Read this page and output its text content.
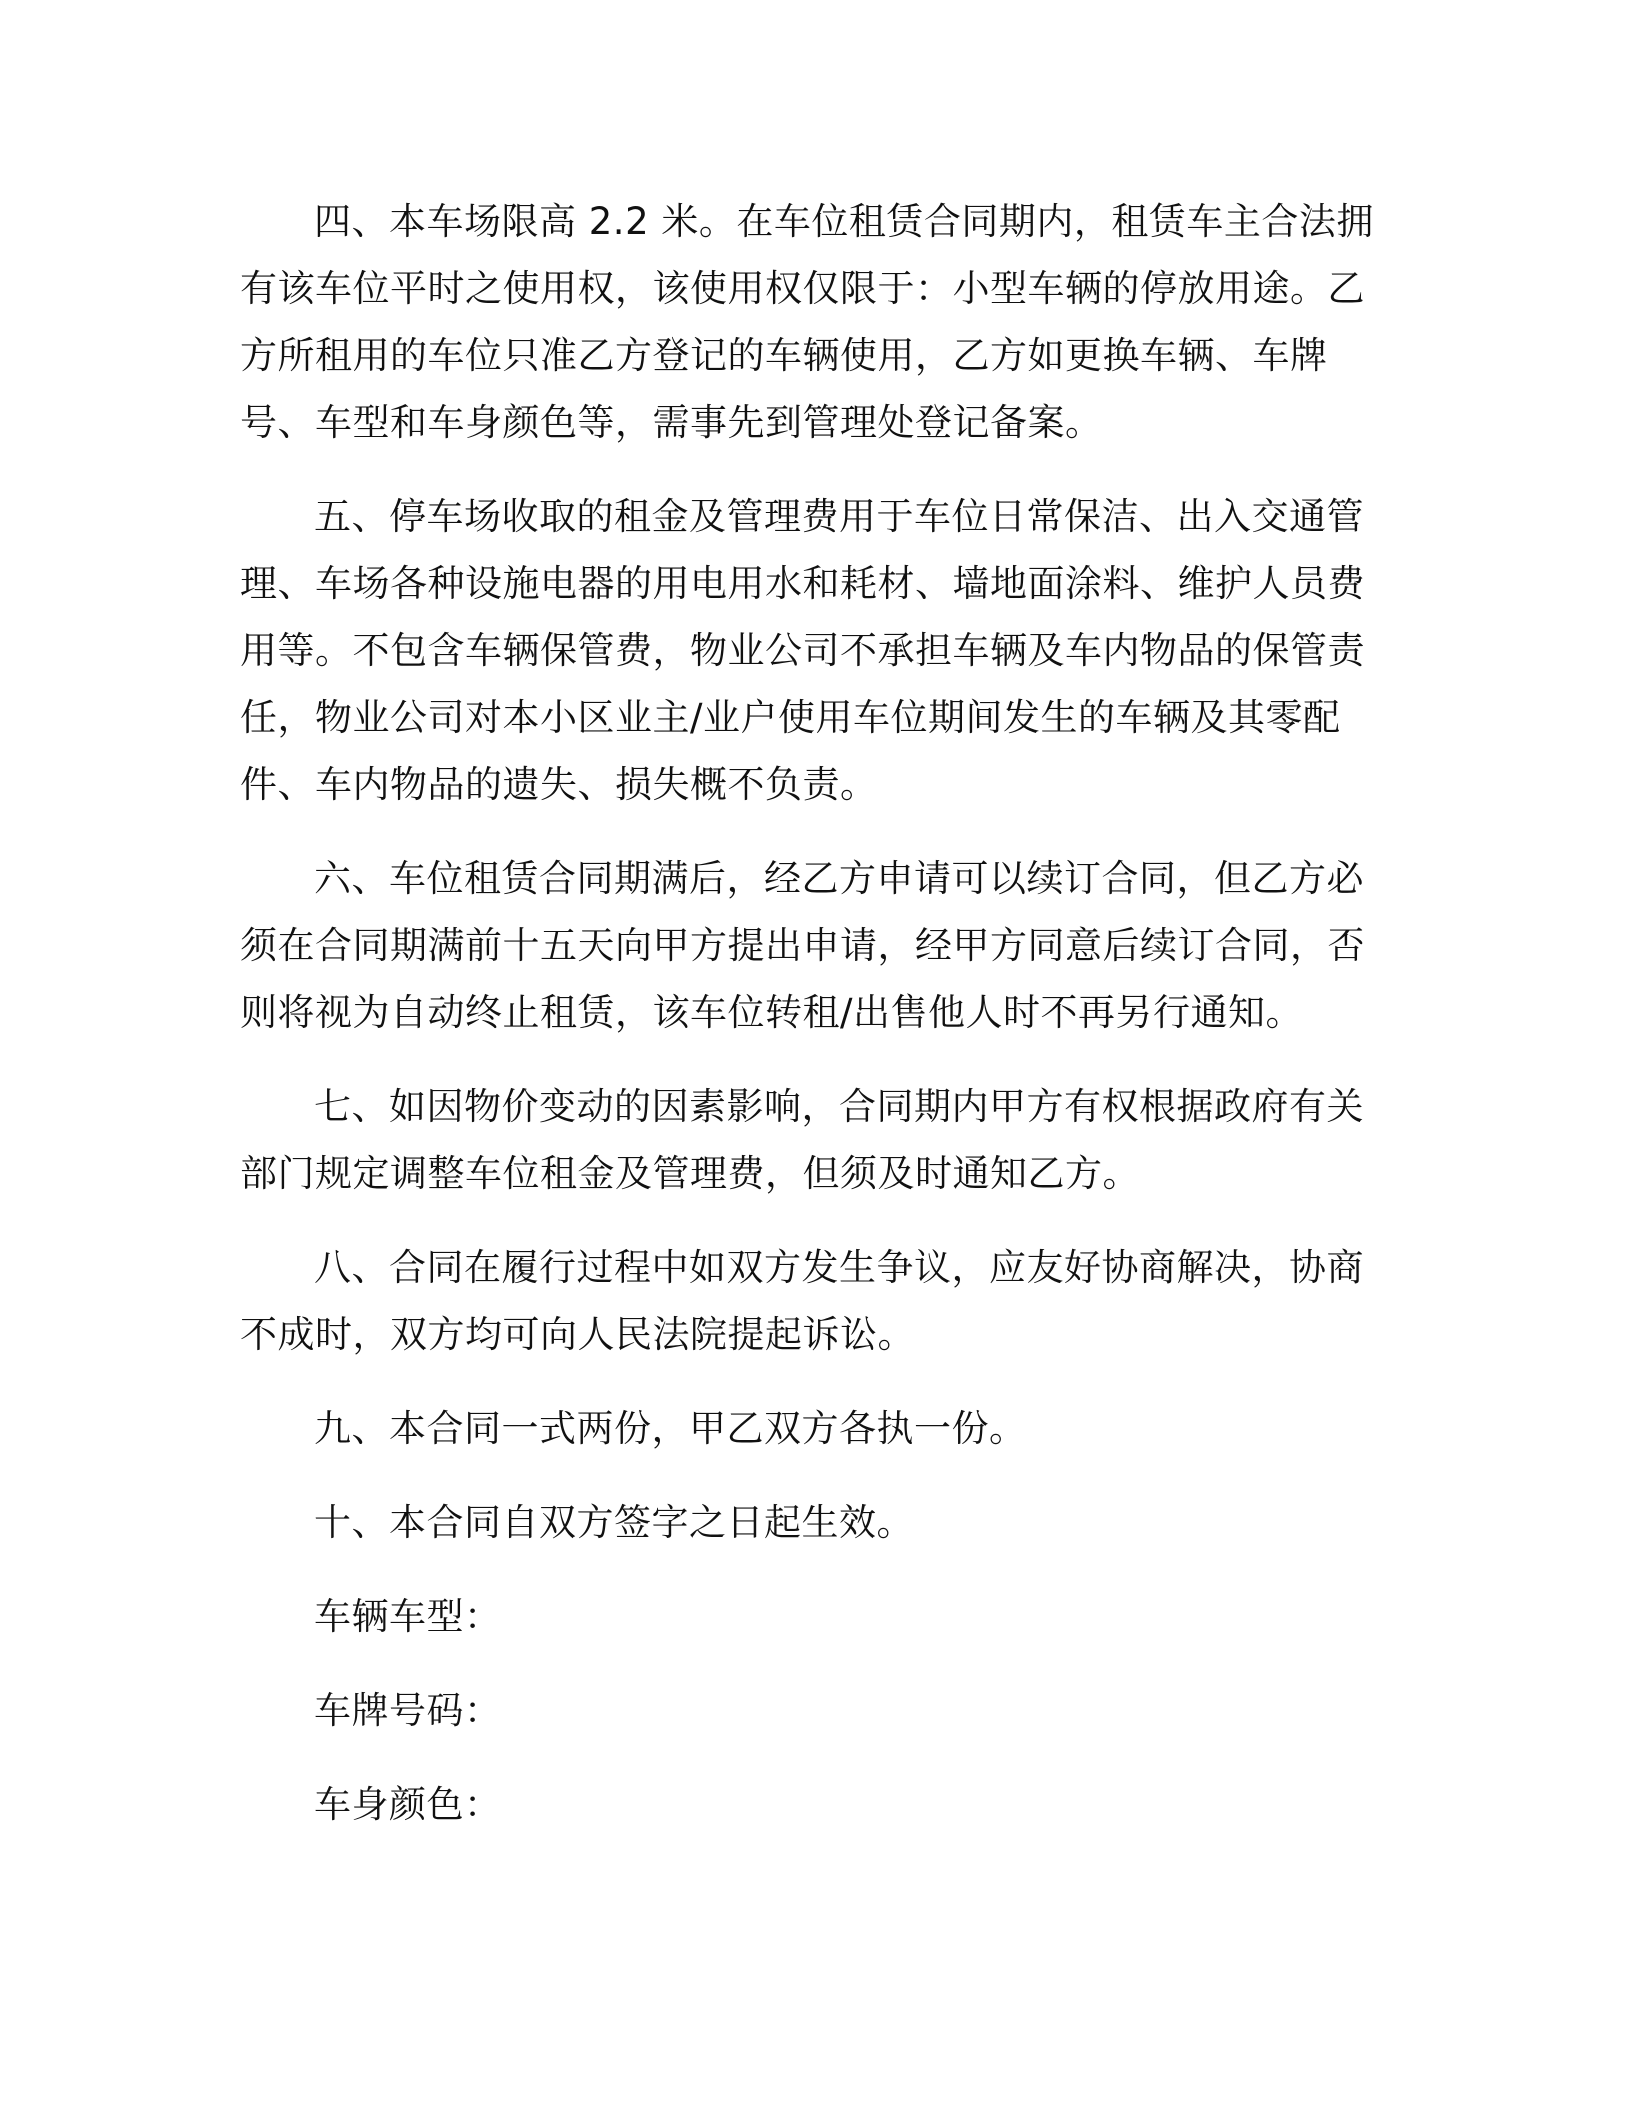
四、本车场限高 2.2 米。在车位租赁合同期内，租赁车主合法拥有该车位平时之使用权，该使用权仅限于：小型车辆的停放用途。乙方所租用的车位只准乙方登记的车辆使用，乙方如更换车辆、车牌号、车型和车身颜色等，需事先到管理处登记备案。

五、停车场收取的租金及管理费用于车位日常保洁、出入交通管理、车场各种设施电器的用电用水和耗材、墙地面涂料、维护人员费用等。不包含车辆保管费，物业公司不承担车辆及车内物品的保管责任，物业公司对本小区业主/业户使用车位期间发生的车辆及其零配件、车内物品的遗失、损失概不负责。

六、车位租赁合同期满后，经乙方申请可以续订合同，但乙方必须在合同期满前十五天向甲方提出申请，经甲方同意后续订合同，否则将视为自动终止租赁，该车位转租/出售他人时不再另行通知。

七、如因物价变动的因素影响，合同期内甲方有权根据政府有关部门规定调整车位租金及管理费，但须及时通知乙方。

八、合同在履行过程中如双方发生争议，应友好协商解决，协商不成时，双方均可向人民法院提起诉讼。

九、本合同一式两份，甲乙双方各执一份。

十、本合同自双方签字之日起生效。

车辆车型：

车牌号码：

车身颜色：
